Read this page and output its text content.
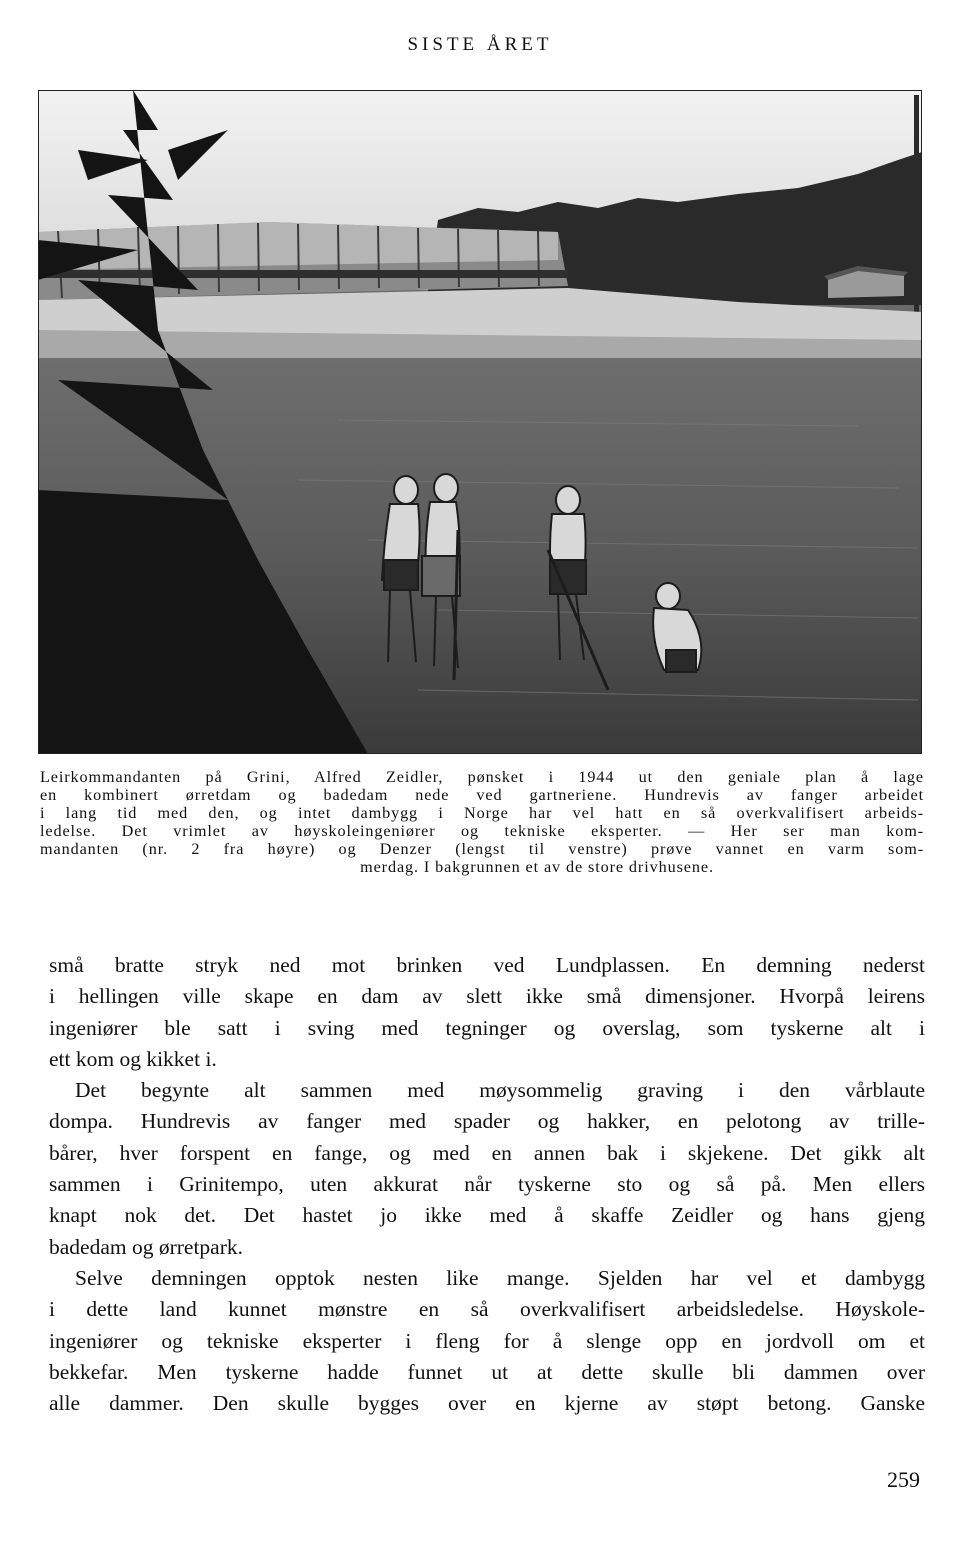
SISTE ÅRET
Leirkommandanten på Grini, Alfred Zeidler, pønsket i 1944 ut den geniale plan å lage
en kombinert ørretdam og badedam nede ved gartneriene. Hundrevis av fanger arbeidet
i lang tid med den, og intet dambygg i Norge har vel hatt en så overkvalifisert arbeids-
ledelse. Det vrimlet av høyskoleingeniører og tekniske eksperter. — Her ser man kom-
mandanten (nr. 2 fra høyre) og Denzer (lengst til venstre) prøve vannet en varm som-
merdag. I bakgrunnen et av de store drivhusene.
små bratte stryk ned mot brinken ved Lundplassen. En demning nederst
i hellingen ville skape en dam av slett ikke små dimensjoner. Hvorpå leirens
ingeniører ble satt i sving med tegninger og overslag, som tyskerne alt i
ett kom og kikket i.
Det begynte alt sammen med møysommelig graving i den vårblaute
dompa. Hundrevis av fanger med spader og hakker, en pelotong av trille-
bårer, hver forspent en fange, og med en annen bak i skjekene. Det gikk alt
sammen i Grinitempo, uten akkurat når tyskerne sto og så på. Men ellers
knapt nok det. Det hastet jo ikke med å skaffe Zeidler og hans gjeng
badedam og ørretpark.
Selve demningen opptok nesten like mange. Sjelden har vel et dambygg
i dette land kunnet mønstre en så overkvalifisert arbeidsledelse. Høyskole-
ingeniører og tekniske eksperter i fleng for å slenge opp en jordvoll om et
bekkefar. Men tyskerne hadde funnet ut at dette skulle bli dammen over
alle dammer. Den skulle bygges over en kjerne av støpt betong. Ganske
259
